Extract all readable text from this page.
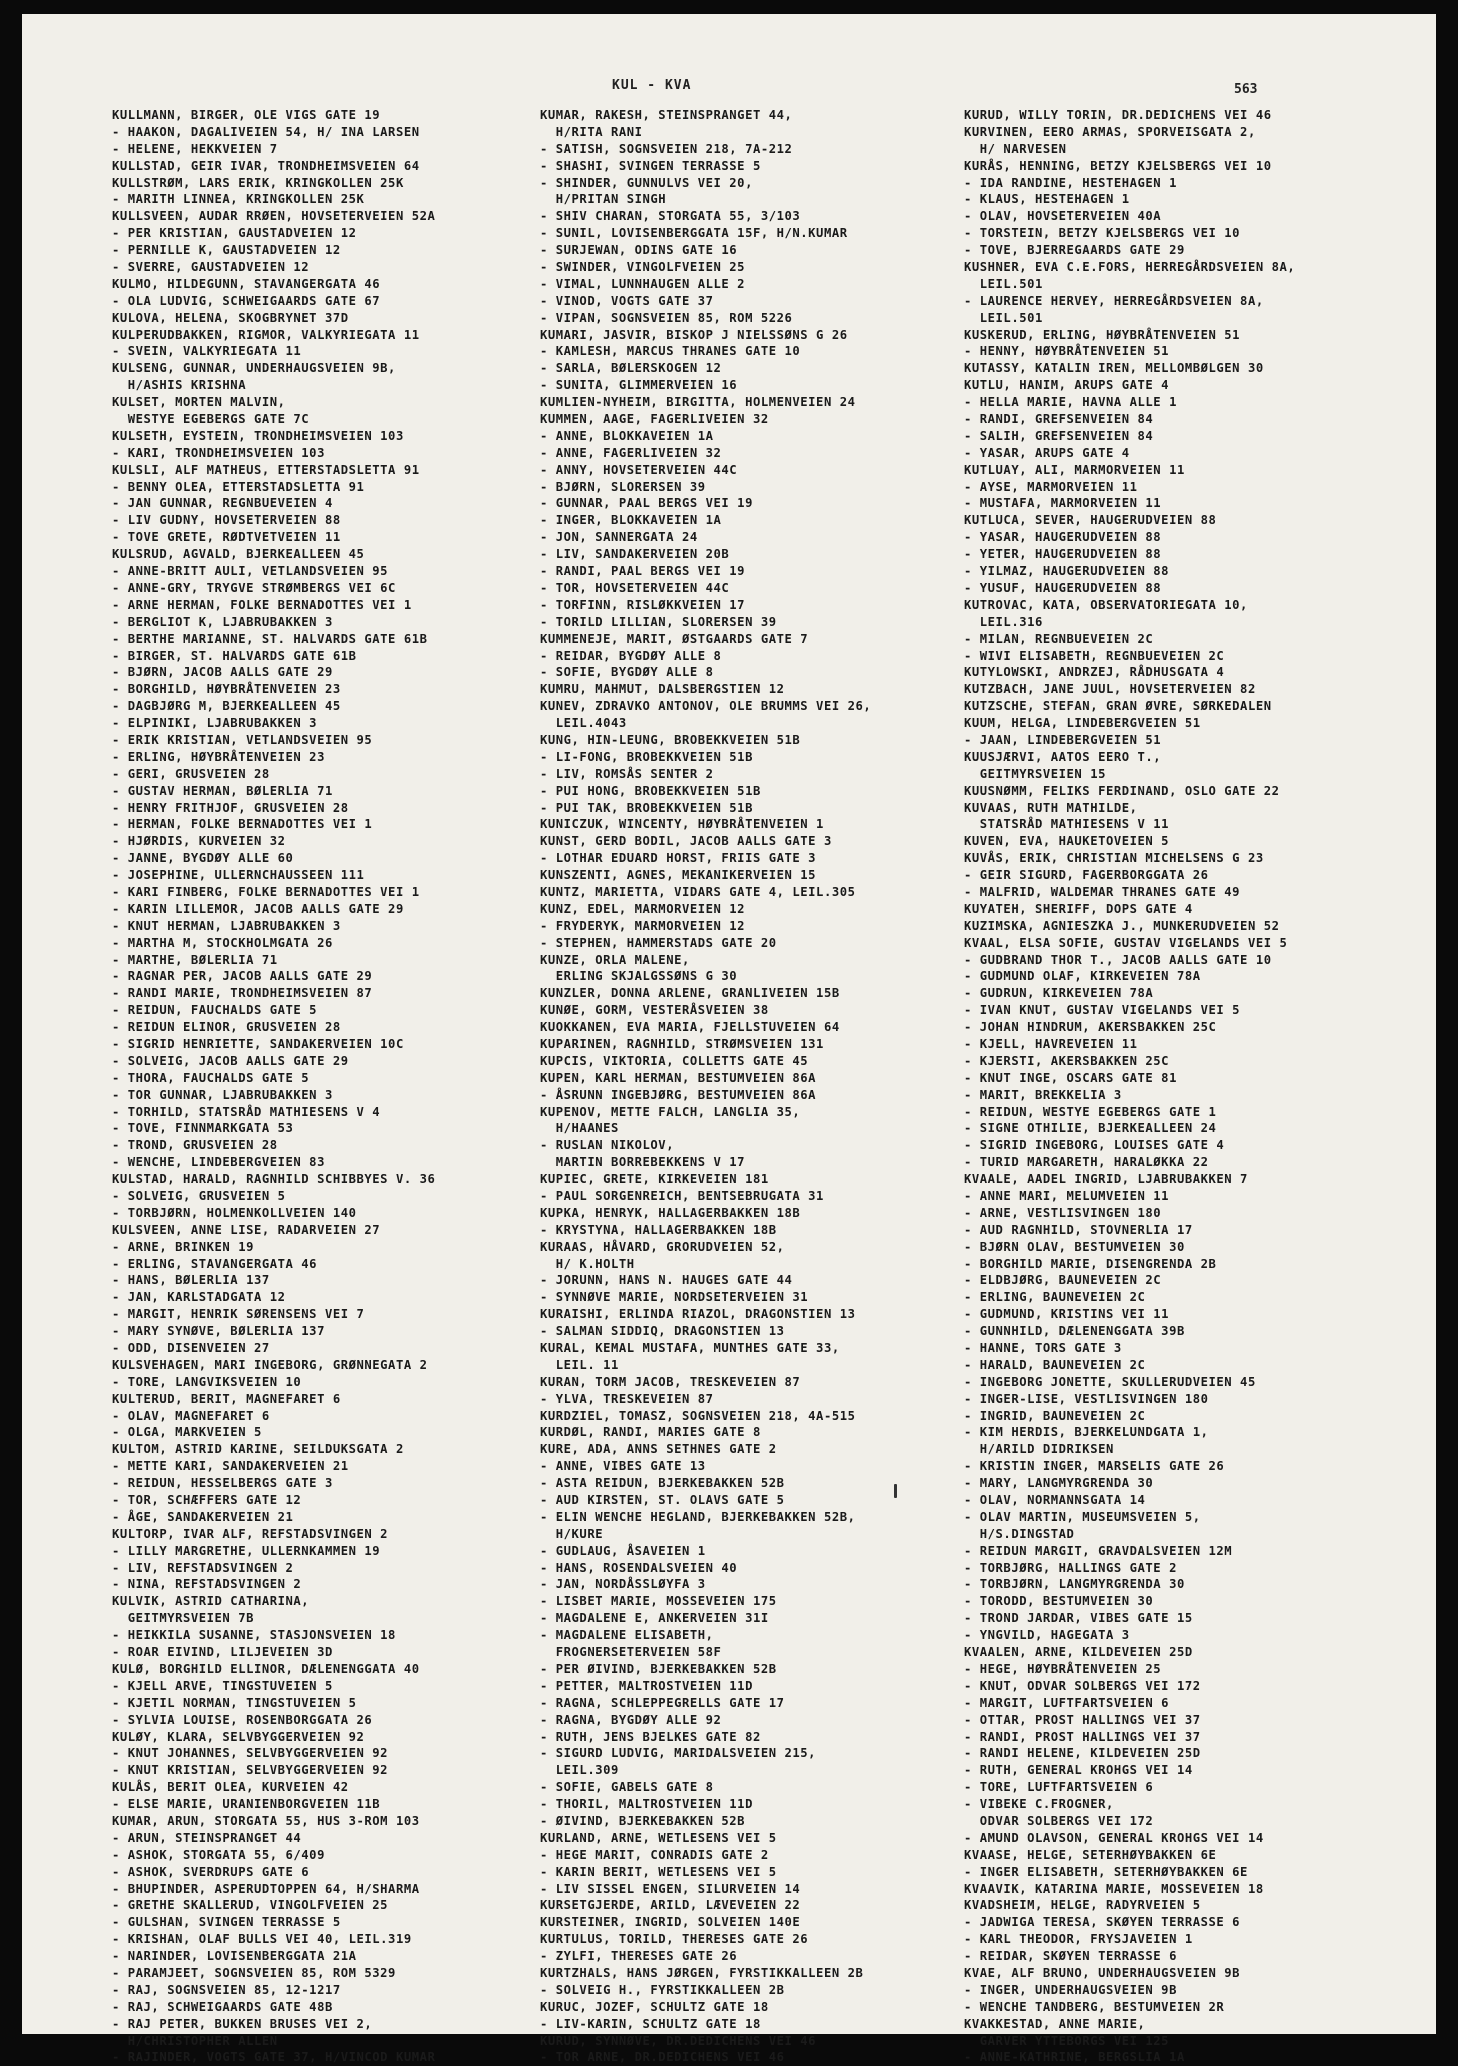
KUL - KVA	563
KULLMANN, BIRGER, OLE VIGS GATE 19
- HAAKON, DAGALIVEIEN 54, H/ INA LARSEN
- HELENE, HEKKVEIEN 7
KULLSTAD, GEIR IVAR, TRONDHEIMSVEIEN 64
KULLSTRØM, LARS ERIK, KRINGKOLLEN 25K
- MARITH LINNEA, KRINGKOLLEN 25K
KULLSVEEN, AUDAR RRØEN, HOVSETERVEIEN 52A
- PER KRISTIAN, GAUSTADVEIEN 12
- PERNILLE K, GAUSTADVEIEN 12
- SVERRE, GAUSTADVEIEN 12
KULMO, HILDEGUNN, STAVANGERGATA 46
- OLA LUDVIG, SCHWEIGAARDS GATE 67
KULOVA, HELENA, SKOGBRYNET 37D
KULPERUDBAKKEN, RIGMOR, VALKYRIEGATA 11
- SVEIN, VALKYRIEGATA 11
KULSENG, GUNNAR, UNDERHAUGSVEIEN 9B,
H/ASHIS KRISHNA
KULSET, MORTEN MALVIN,
WESTYE EGEBERGS GATE 7C
KULSETH, EYSTEIN, TRONDHEIMSVEIEN 103
- KARI, TRONDHEIMSVEIEN 103
KULSLI, ALF MATHEUS, ETTERSTADSLETTA 91
- BENNY OLEA, ETTERSTADSLETTA 91
- JAN GUNNAR, REGNBUEVEIEN 4
- LIV GUDNY, HOVSETERVEIEN 88
- TOVE GRETE, RØDTVETVEIEN 11
KULSRUD, AGVALD, BJERKEALLEEN 45
- ANNE-BRITT AULI, VETLANDSVEIEN 95
- ANNE-GRY, TRYGVE STRØMBERGS VEI 6C
- ARNE HERMAN, FOLKE BERNADOTTES VEI 1
- BERGLIOT K, LJABRUBAKKEN 3
- BERTHE MARIANNE, ST. HALVARDS GATE 61B
- BIRGER, ST. HALVARDS GATE 61B
- BJØRN, JACOB AALLS GATE 29
- BORGHILD, HØYBRÅTENVEIEN 23
- DAGBJØRG M, BJERKEALLEEN 45
- ELPINIKI, LJABRUBAKKEN 3
- ERIK KRISTIAN, VETLANDSVEIEN 95
- ERLING, HØYBRÅTENVEIEN 23
- GERI, GRUSVEIEN 28
- GUSTAV HERMAN, BØLERLIA 71
- HENRY FRITHJOF, GRUSVEIEN 28
- HERMAN, FOLKE BERNADOTTES VEI 1
- HJØRDIS, KURVEIEN 32
- JANNE, BYGDØY ALLE 60
- JOSEPHINE, ULLERNCHAUSSEEN 111
- KARI FINBERG, FOLKE BERNADOTTES VEI 1
- KARIN LILLEMOR, JACOB AALLS GATE 29
- KNUT HERMAN, LJABRUBAKKEN 3
- MARTHA M, STOCKHOLMGATA 26
- MARTHE, BØLERLIA 71
- RAGNAR PER, JACOB AALLS GATE 29
- RANDI MARIE, TRONDHEIMSVEIEN 87
- REIDUN, FAUCHALDS GATE 5
- REIDUN ELINOR, GRUSVEIEN 28
- SIGRID HENRIETTE, SANDAKERVEIEN 10C
- SOLVEIG, JACOB AALLS GATE 29
- THORA, FAUCHALDS GATE 5
- TOR GUNNAR, LJABRUBAKKEN 3
- TORHILD, STATSRÅD MATHIESENS V 4
- TOVE, FINNMARKGATA 53
- TROND, GRUSVEIEN 28
- WENCHE, LINDEBERGVEIEN 83
KULSTAD, HARALD, RAGNHILD SCHIBBYES V. 36
- SOLVEIG, GRUSVEIEN 5
- TORBJØRN, HOLMENKOLLVEIEN 140
KULSVEEN, ANNE LISE, RADARVEIEN 27
- ARNE, BRINKEN 19
- ERLING, STAVANGERGATA 46
- HANS, BØLERLIA 137
- JAN, KARLSTADGATA 12
- MARGIT, HENRIK SØRENSENS VEI 7
- MARY SYNØVE, BØLERLIA 137
- ODD, DISENVEIEN 27
KULSVEHAGEN, MARI INGEBORG, GRØNNEGATA 2
- TORE, LANGVIKSVEIEN 10
KULTERUD, BERIT, MAGNEFARET 6
- OLAV, MAGNEFARET 6
- OLGA, MARKVEIEN 5
KULTOM, ASTRID KARINE, SEILDUKSGATA 2
- METTE KARI, SANDAKERVEIEN 21
- REIDUN, HESSELBERGS GATE 3
- TOR, SCHÆFFERS GATE 12
- ÅGE, SANDAKERVEIEN 21
KULTORP, IVAR ALF, REFSTADSVINGEN 2
- LILLY MARGRETHE, ULLERNKAMMEN 19
- LIV, REFSTADSVINGEN 2
- NINA, REFSTADSVINGEN 2
KULVIK, ASTRID CATHARINA,
GEITMYRSVEIEN 7B
- HEIKKILA SUSANNE, STASJONSVEIEN 18
- ROAR EIVIND, LILJEVEIEN 3D
KULØ, BORGHILD ELLINOR, DÆLENENGGATA 40
- KJELL ARVE, TINGSTUVEIEN 5
- KJETIL NORMAN, TINGSTUVEIEN 5
- SYLVIA LOUISE, ROSENBORGGATA 26
KULØY, KLARA, SELVBYGGERVEIEN 92
- KNUT JOHANNES, SELVBYGGERVEIEN 92
- KNUT KRISTIAN, SELVBYGGERVEIEN 92
KULÅS, BERIT OLEA, KURVEIEN 42
- ELSE MARIE, URANIENBORGVEIEN 11B
KUMAR, ARUN, STORGATA 55, HUS 3-ROM 103
- ARUN, STEINSPRANGET 44
- ASHOK, STORGATA 55, 6/409
- ASHOK, SVERDRUPS GATE 6
- BHUPINDER, ASPERUDTOPPEN 64, H/SHARMA
- GRETHE SKALLERUD, VINGOLFVEIEN 25
- GULSHAN, SVINGEN TERRASSE 5
- KRISHAN, OLAF BULLS VEI 40, LEIL.319
- NARINDER, LOVISENBERGGATA 21A
- PARAMJEET, SOGNSVEIEN 85, ROM 5329
- RAJ, SOGNSVEIEN 85, 12-1217
- RAJ, SCHWEIGAARDS GATE 48B
- RAJ PETER, BUKKEN BRUSES VEI 2,
H/CHRISTOPHER ALLEN
- RAJINDER, VOGTS GATE 37, H/VINCOD KUMAR
KUMAR, RAKESH, STEINSPRANGET 44,
H/RITA RANI
- SATISH, SOGNSVEIEN 218, 7A-212
- SHASHI, SVINGEN TERRASSE 5
- SHINDER, GUNNULVS VEI 20,
H/PRITAN SINGH
- SHIV CHARAN, STORGATA 55, 3/103
- SUNIL, LOVISENBERGGATA 15F, H/N.KUMAR
- SURJEWAN, ODINS GATE 16
- SWINDER, VINGOLFVEIEN 25
- VIMAL, LUNNHAUGEN ALLE 2
- VINOD, VOGTS GATE 37
- VIPAN, SOGNSVEIEN 85, ROM 5226
KUMARI, JASVIR, BISKOP J NIELSSØNS G 26
- KAMLESH, MARCUS THRANES GATE 10
- SARLA, BØLERSKOGEN 12
- SUNITA, GLIMMERVEIEN 16
KUMLIEN-NYHEIM, BIRGITTA, HOLMENVEIEN 24
KUMMEN, AAGE, FAGERLIVEIEN 32
- ANNE, BLOKKAVEIEN 1A
- ANNE, FAGERLIVEIEN 32
- ANNY, HOVSETERVEIEN 44C
- BJØRN, SLORERSEN 39
- GUNNAR, PAAL BERGS VEI 19
- INGER, BLOKKAVEIEN 1A
- JON, SANNERGATA 24
- LIV, SANDAKERVEIEN 20B
- RANDI, PAAL BERGS VEI 19
- TOR, HOVSETERVEIEN 44C
- TORFINN, RISLØKKVEIEN 17
- TORILD LILLIAN, SLORERSEN 39
KUMMENEJE, MARIT, ØSTGAARDS GATE 7
- REIDAR, BYGDØY ALLE 8
- SOFIE, BYGDØY ALLE 8
KUMRU, MAHMUT, DALSBERGSTIEN 12
KUNEV, ZDRAVKO ANTONOV, OLE BRUMMS VEI 26,
LEIL.4043
KUNG, HIN-LEUNG, BROBEKKVEIEN 51B
- LI-FONG, BROBEKKVEIEN 51B
- LIV, ROMSÅS SENTER 2
- PUI HONG, BROBEKKVEIEN 51B
- PUI TAK, BROBEKKVEIEN 51B
KUNICZUK, WINCENTY, HØYBRÅTENVEIEN 1
KUNST, GERD BODIL, JACOB AALLS GATE 3
- LOTHAR EDUARD HORST, FRIIS GATE 3
KUNSZENTI, AGNES, MEKANIKERVEIEN 15
KUNTZ, MARIETTA, VIDARS GATE 4, LEIL.305
KUNZ, EDEL, MARMORVEIEN 12
- FRYDERYK, MARMORVEIEN 12
- STEPHEN, HAMMERSTADS GATE 20
KUNZE, ORLA MALENE,
ERLING SKJALGSSØNS G 30
KUNZLER, DONNA ARLENE, GRANLIVEIEN 15B
KUNØE, GORM, VESTERÅSVEIEN 38
KUOKKANEN, EVA MARIA, FJELLSTUVEIEN 64
KUPARINEN, RAGNHILD, STRØMSVEIEN 131
KUPCIS, VIKTORIA, COLLETTS GATE 45
KUPEN, KARL HERMAN, BESTUMVEIEN 86A
- ÅSRUNN INGEBJØRG, BESTUMVEIEN 86A
KUPENOV, METTE FALCH, LANGLIA 35,
H/HAANES
- RUSLAN NIKOLOV,
MARTIN BORREBEKKENS V 17
KUPIEC, GRETE, KIRKEVEIEN 181
- PAUL SORGENREICH, BENTSEBRUGATA 31
KUPKA, HENRYK, HALLAGERBAKKEN 18B
- KRYSTYNA, HALLAGERBAKKEN 18B
KURAAS, HÅVARD, GRORUDVEIEN 52,
H/ K.HOLTH
- JORUNN, HANS N. HAUGES GATE 44
- SYNNØVE MARIE, NORDSETERVEIEN 31
KURAISHI, ERLINDA RIAZOL, DRAGONSTIEN 13
- SALMAN SIDDIQ, DRAGONSTIEN 13
KURAL, KEMAL MUSTAFA, MUNTHES GATE 33,
LEIL. 11
KURAN, TORM JACOB, TRESKEVEIEN 87
- YLVA, TRESKEVEIEN 87
KURDZIEL, TOMASZ, SOGNSVEIEN 218, 4A-515
KURDØL, RANDI, MARIES GATE 8
KURE, ADA, ANNS SETHNES GATE 2
- ANNE, VIBES GATE 13
- ASTA REIDUN, BJERKEBAKKEN 52B
- AUD KIRSTEN, ST. OLAVS GATE 5
- ELIN WENCHE HEGLAND, BJERKEBAKKEN 52B,
H/KURE
- GUDLAUG, ÅSAVEIEN 1
- HANS, ROSENDALSVEIEN 40
- JAN, NORDÅSSLØYFA 3
- LISBET MARIE, MOSSEVEIEN 175
- MAGDALENE E, ANKERVEIEN 31I
- MAGDALENE ELISABETH,
FROGNERSETERVEIEN 58F
- PER ØIVIND, BJERKEBAKKEN 52B
- PETTER, MALTROSTVEIEN 11D
- RAGNA, SCHLEPPEGRELLS GATE 17
- RAGNA, BYGDØY ALLE 92
- RUTH, JENS BJELKES GATE 82
- SIGURD LUDVIG, MARIDALSVEIEN 215,
LEIL.309
- SOFIE, GABELS GATE 8
- THORIL, MALTROSTVEIEN 11D
- ØIVIND, BJERKEBAKKEN 52B
KURLAND, ARNE, WETLESENS VEI 5
- HEGE MARIT, CONRADIS GATE 2
- KARIN BERIT, WETLESENS VEI 5
- LIV SISSEL ENGEN, SILURVEIEN 14
KURSETGJERDE, ARILD, LÆVEVEIEN 22
KURSTEINER, INGRID, SOLVEIEN 140E
KURTULUS, TORILD, THERESES GATE 26
- ZYLFI, THERESES GATE 26
KURTZHALS, HANS JØRGEN, FYRSTIKKALLEEN 2B
- SOLVEIG H., FYRSTIKKALLEEN 2B
KURUC, JOZEF, SCHULTZ GATE 18
- LIV-KARIN, SCHULTZ GATE 18
KURUD, SYNNØVE, DR.DEDICHENS VEI 46
- TOR ARNE, DR.DEDICHENS VEI 46
KURUD, WILLY TORIN, DR.DEDICHENS VEI 46
KURVINEN, EERO ARMAS, SPORVEISGATA 2,
H/ NARVESEN
KURÅS, HENNING, BETZY KJELSBERGS VEI 10
- IDA RANDINE, HESTEHAGEN 1
- KLAUS, HESTEHAGEN 1
- OLAV, HOVSETERVEIEN 40A
- TORSTEIN, BETZY KJELSBERGS VEI 10
- TOVE, BJERREGAARDS GATE 29
KUSHNER, EVA C.E.FORS, HERREGÅRDSVEIEN 8A,
LEIL.501
- LAURENCE HERVEY, HERREGÅRDSVEIEN 8A,
LEIL.501
KUSKERUD, ERLING, HØYBRÅTENVEIEN 51
- HENNY, HØYBRÅTENVEIEN 51
KUTASSY, KATALIN IREN, MELLOMBØLGEN 30
KUTLU, HANIM, ARUPS GATE 4
- HELLA MARIE, HAVNA ALLE 1
- RANDI, GREFSENVEIEN 84
- SALIH, GREFSENVEIEN 84
- YASAR, ARUPS GATE 4
KUTLUAY, ALI, MARMORVEIEN 11
- AYSE, MARMORVEIEN 11
- MUSTAFA, MARMORVEIEN 11
KUTLUCA, SEVER, HAUGERUDVEIEN 88
- YASAR, HAUGERUDVEIEN 88
- YETER, HAUGERUDVEIEN 88
- YILMAZ, HAUGERUDVEIEN 88
- YUSUF, HAUGERUDVEIEN 88
KUTROVAC, KATA, OBSERVATORIEGATA 10,
LEIL.316
- MILAN, REGNBUEVEIEN 2C
- WIVI ELISABETH, REGNBUEVEIEN 2C
KUTYLOWSKI, ANDRZEJ, RÅDHUSGATA 4
KUTZBACH, JANE JUUL, HOVSETERVEIEN 82
KUTZSCHE, STEFAN, GRAN ØVRE, SØRKEDALEN
KUUM, HELGA, LINDEBERGVEIEN 51
- JAAN, LINDEBERGVEIEN 51
KUUSJÆRVI, AATOS EERO T.,
GEITMYRSVEIEN 15
KUUSNØMM, FELIKS FERDINAND, OSLO GATE 22
KUVAAS, RUTH MATHILDE,
STATSRÅD MATHIESENS V 11
KUVEN, EVA, HAUKETOVEIEN 5
KUVÅS, ERIK, CHRISTIAN MICHELSENS G 23
- GEIR SIGURD, FAGERBORGGATA 26
- MALFRID, WALDEMAR THRANES GATE 49
KUYATEH, SHERIFF, DOPS GATE 4
KUZIMSKA, AGNIESZKA J., MUNKERUDVEIEN 52
KVAAL, ELSA SOFIE, GUSTAV VIGELANDS VEI 5
- GUDBRAND THOR T., JACOB AALLS GATE 10
- GUDMUND OLAF, KIRKEVEIEN 78A
- GUDRUN, KIRKEVEIEN 78A
- IVAN KNUT, GUSTAV VIGELANDS VEI 5
- JOHAN HINDRUM, AKERSBAKKEN 25C
- KJELL, HAVREVEIEN 11
- KJERSTI, AKERSBAKKEN 25C
- KNUT INGE, OSCARS GATE 81
- MARIT, BREKKELIA 3
- REIDUN, WESTYE EGEBERGS GATE 1
- SIGNE OTHILIE, BJERKEALLEEN 24
- SIGRID INGEBORG, LOUISES GATE 4
- TURID MARGARETH, HARALØKKA 22
KVAALE, AADEL INGRID, LJABRUBAKKEN 7
- ANNE MARI, MELUMVEIEN 11
- ARNE, VESTLISVINGEN 180
- AUD RAGNHILD, STOVNERLIA 17
- BJØRN OLAV, BESTUMVEIEN 30
- BORGHILD MARIE, DISENGRENDA 2B
- ELDBJØRG, BAUNEVEIEN 2C
- ERLING, BAUNEVEIEN 2C
- GUDMUND, KRISTINS VEI 11
- GUNNHILD, DÆLENENGGATA 39B
- HANNE, TORS GATE 3
- HARALD, BAUNEVEIEN 2C
- INGEBORG JONETTE, SKULLERUDVEIEN 45
- INGER-LISE, VESTLISVINGEN 180
- INGRID, BAUNEVEIEN 2C
- KIM HERDIS, BJERKELUNDGATA 1,
H/ARILD DIDRIKSEN
- KRISTIN INGER, MARSELIS GATE 26
- MARY, LANGMYRGRENDA 30
- OLAV, NORMANNSGATA 14
- OLAV MARTIN, MUSEUMSVEIEN 5,
H/S.DINGSTAD
- REIDUN MARGIT, GRAVDALSVEIEN 12M
- TORBJØRG, HALLINGS GATE 2
- TORBJØRN, LANGMYRGRENDA 30
- TORODD, BESTUMVEIEN 30
- TROND JARDAR, VIBES GATE 15
- YNGVILD, HAGEGATA 3
KVAALEN, ARNE, KILDEVEIEN 25D
- HEGE, HØYBRÅTENVEIEN 25
- KNUT, ODVAR SOLBERGS VEI 172
- MARGIT, LUFTFARTSVEIEN 6
- OTTAR, PROST HALLINGS VEI 37
- RANDI, PROST HALLINGS VEI 37
- RANDI HELENE, KILDEVEIEN 25D
- RUTH, GENERAL KROHGS VEI 14
- TORE, LUFTFARTSVEIEN 6
- VIBEKE C.FROGNER,
ODVAR SOLBERGS VEI 172
- AMUND OLAVSON, GENERAL KROHGS VEI 14
KVAASE, HELGE, SETERHØYBAKKEN 6E
- INGER ELISABETH, SETERHØYBAKKEN 6E
KVAAVIK, KATARINA MARIE, MOSSEVEIEN 18
KVADSHEIM, HELGE, RADYRVEIEN 5
- JADWIGA TERESA, SKØYEN TERRASSE 6
- KARL THEODOR, FRYSJAVEIEN 1
- REIDAR, SKØYEN TERRASSE 6
KVAE, ALF BRUNO, UNDERHAUGSVEIEN 9B
- INGER, UNDERHAUGSVEIEN 9B
- WENCHE TANDBERG, BESTUMVEIEN 2R
KVAKKESTAD, ANNE MARIE,
GARVER YTTEBORGS VEI 125
- ANNE-KATHRINE, BERGSLIA 1A
